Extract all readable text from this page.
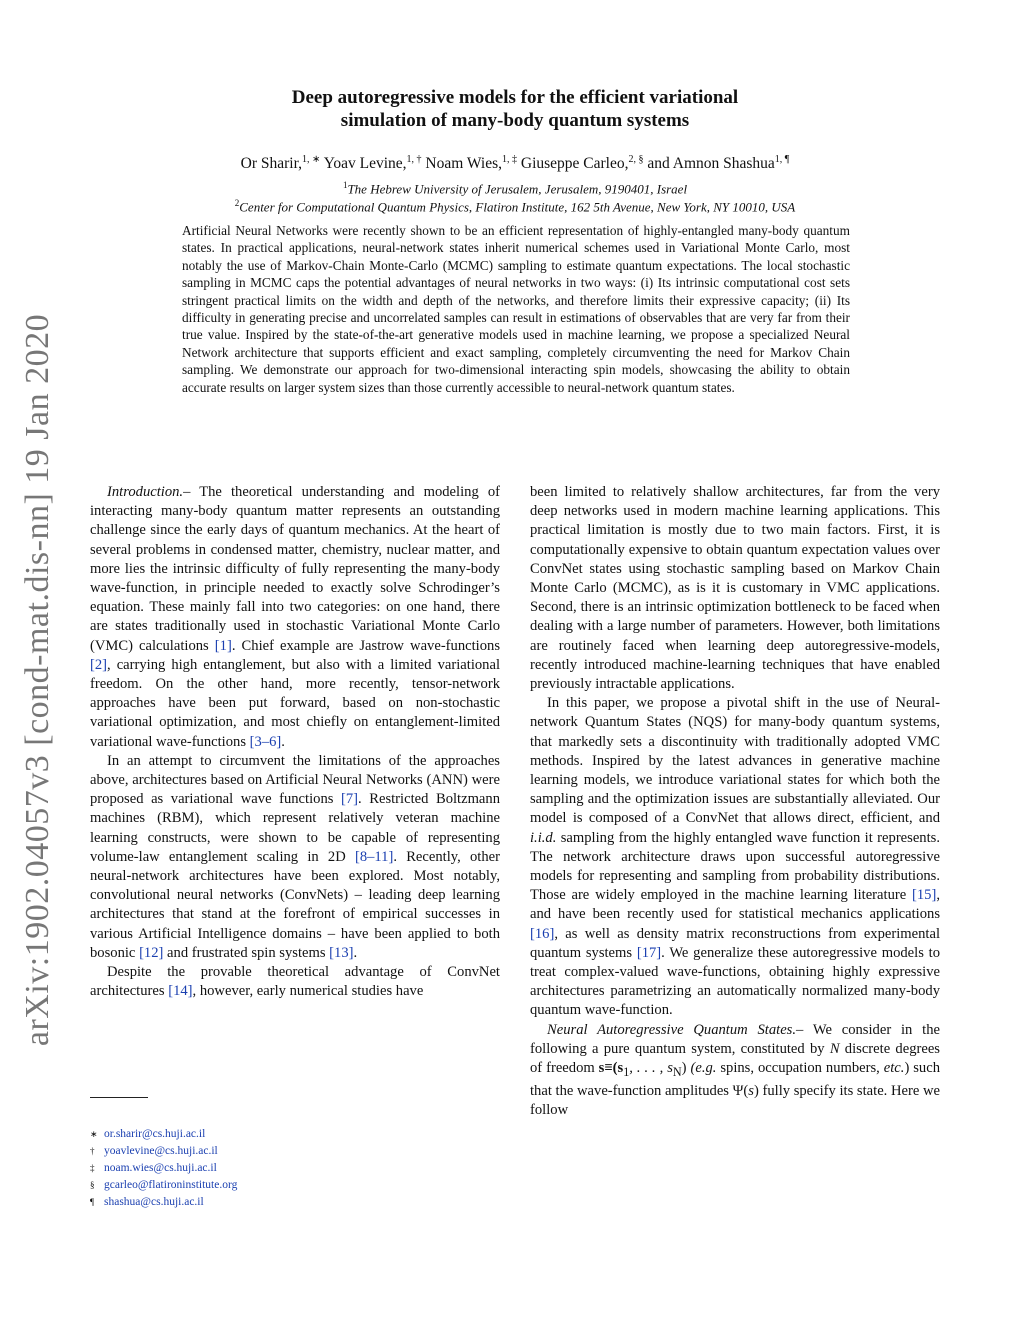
arXiv:1902.04057v3 [cond-mat.dis-nn] 19 Jan 2020
Deep autoregressive models for the efficient variational
simulation of many-body quantum systems
Or Sharir,$^{1, ∗}$ Yoav Levine,$^{1, \dagger}$ Noam Wies,$^{1, \ddagger}$ Giuseppe Carleo,$^{2, \S}$ and Amnon Shashua$^{1, \P}$
$^1$The Hebrew University of Jerusalem, Jerusalem, 9190401, Israel
$^2$Center for Computational Quantum Physics, Flatiron Institute, 162 5th Avenue, New York, NY 10010, USA
Artificial Neural Networks were recently shown to be an efficient representation of highly-entangled many-body quantum states. In practical applications, neural-network states inherit numerical schemes used in Variational Monte Carlo, most notably the use of Markov-Chain Monte-Carlo (MCMC) sampling to estimate quantum expectations. The local stochastic sampling in MCMC caps the potential advantages of neural networks in two ways: (i) Its intrinsic computational cost sets stringent practical limits on the width and depth of the networks, and therefore limits their expressive capacity; (ii) Its difficulty in generating precise and uncorrelated samples can result in estimations of observables that are very far from their true value. Inspired by the state-of-the-art generative models used in machine learning, we propose a specialized Neural Network architecture that supports efficient and exact sampling, completely circumventing the need for Markov Chain sampling. We demonstrate our approach for two-dimensional interacting spin models, showcasing the ability to obtain accurate results on larger system sizes than those currently accessible to neural-network quantum states.

Introduction.– The theoretical understanding and modeling of interacting many-body quantum matter represents an outstanding challenge since the early days of quantum mechanics. At the heart of several problems in condensed matter, chemistry, nuclear matter, and more lies the intrinsic difficulty of fully representing the many-body wave-function, in principle needed to exactly solve Schrodinger’s equation. These mainly fall into two categories: on one hand, there are states traditionally used in stochastic Variational Monte Carlo (VMC) calculations [1]. Chief example are Jastrow wave-functions [2], carrying high entanglement, but also with a limited variational freedom. On the other hand, more recently, tensor-network approaches have been put forward, based on non-stochastic variational optimization, and most chiefly on entanglement-limited variational wave-functions [3–6].

In an attempt to circumvent the limitations of the approaches above, architectures based on Artificial Neural Networks (ANN) were proposed as variational wave functions [7]. Restricted Boltzmann machines (RBM), which represent relatively veteran machine learning constructs, were shown to be capable of representing volume-law entanglement scaling in 2D [8–11]. Recently, other neural-network architectures have been explored. Most notably, convolutional neural networks (ConvNets) – leading deep learning architectures that stand at the forefront of empirical successes in various Artificial Intelligence domains – have been applied to both bosonic [12] and frustrated spin systems [13].

Despite the provable theoretical advantage of ConvNet architectures [14], however, early numerical studies have

been limited to relatively shallow architectures, far from the very deep networks used in modern machine learning applications. This practical limitation is mostly due to two main factors. First, it is computationally expensive to obtain quantum expectation values over ConvNet states using stochastic sampling based on Markov Chain Monte Carlo (MCMC), as is it is customary in VMC applications. Second, there is an intrinsic optimization bottleneck to be faced when dealing with a large number of parameters. However, both limitations are routinely faced when learning deep autoregressive-models, recently introduced machine-learning techniques that have enabled previously intractable applications.

In this paper, we propose a pivotal shift in the use of Neural-network Quantum States (NQS) for many-body quantum systems, that markedly sets a discontinuity with traditionally adopted VMC methods. Inspired by the latest advances in generative machine learning models, we introduce variational states for which both the sampling and the optimization issues are substantially alleviated. Our model is composed of a ConvNet that allows direct, efficient, and i.i.d. sampling from the highly entangled wave function it represents. The network architecture draws upon successful autoregressive models for representing and sampling from probability distributions. Those are widely employed in the machine learning literature [15], and have been recently used for statistical mechanics applications [16], as well as density matrix reconstructions from experimental quantum systems [17]. We generalize these autoregressive models to treat complex-valued wave-functions, obtaining highly expressive architectures parametrizing an automatically normalized many-body quantum wave-function.

Neural Autoregressive Quantum States.– We consider in the following a pure quantum system, constituted by N discrete degrees of freedom $s\equiv(s_1$, . . . , $s_N$) (e.g. spins, occupation numbers, etc.) such that the wave-function amplitudes Ψ(s) fully specify its state. Here we follow

∗ or.sharir@cs.huji.ac.il
† yoavlevine@cs.huji.ac.il
‡ noam.wies@cs.huji.ac.il
§ gcarleo@flatironinstitute.org
¶ shashua@cs.huji.ac.il
